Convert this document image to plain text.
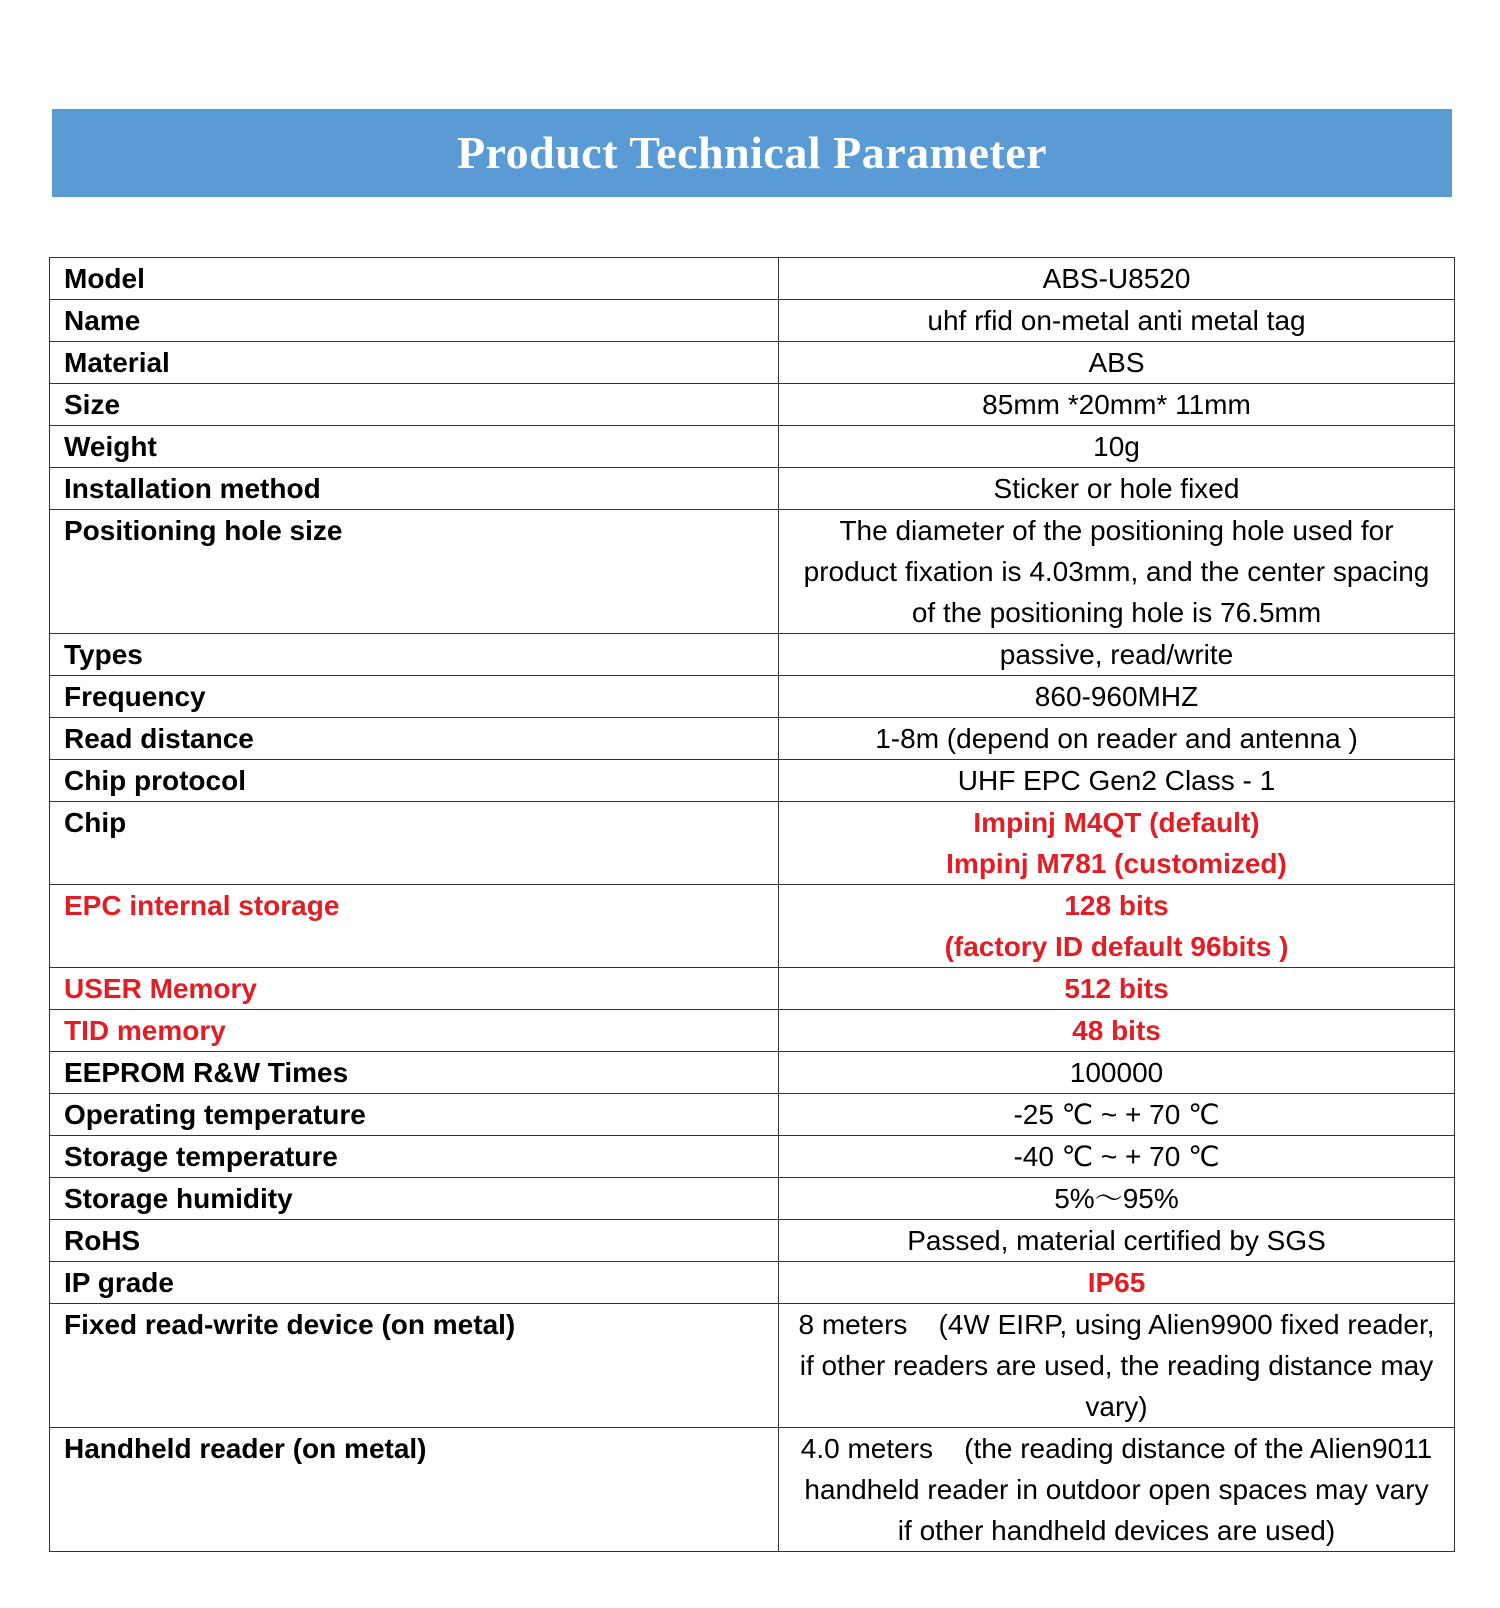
Product Technical Parameter
Model	ABS-U8520
Name	uhf rfid on-metal anti metal tag
Material	ABS
Size	85mm *20mm* 11mm
Weight	10g
Installation method	Sticker or hole fixed
Positioning hole size	The diameter of the positioning hole used for
product fixation is 4.03mm, and the center spacing
of the positioning hole is 76.5mm

Types	passive, read/write
Frequency	860-960MHZ
Read distance	1-8m (depend on reader and antenna )
Chip protocol	UHF EPC Gen2 Class - 1
Chip	Impinj M4QT (default)
Impinj M781 (customized)

EPC internal storage	128 bits
(factory ID default 96bits )

USER Memory	512 bits
TID memory	48 bits
EEPROM R&W Times	100000
Operating temperature	-25 ℃ ~ + 70 ℃
Storage temperature	-40 ℃ ~ + 70 ℃
Storage humidity	5%～95%
RoHS	Passed, material certified by SGS
IP grade	IP65
Fixed read-write device (on metal)	8 meters    (4W EIRP, using Alien9900 fixed reader,
if other readers are used, the reading distance may
vary)

Handheld reader (on metal)	4.0 meters    (the reading distance of the Alien9011
handheld reader in outdoor open spaces may vary
if other handheld devices are used)
